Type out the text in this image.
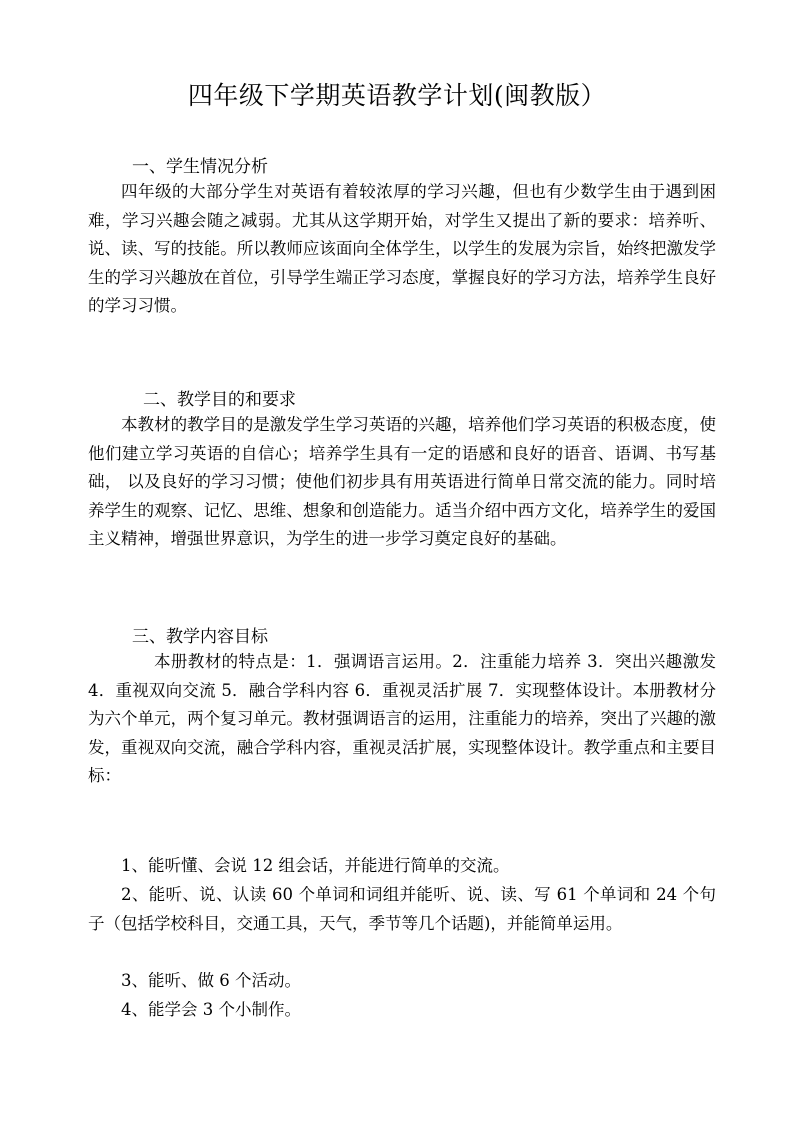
四年级下学期英语教学计划(闽教版）
一、学生情况分析
四年级的大部分学生对英语有着较浓厚的学习兴趣，但也有少数学生由于遇到困难，学习兴趣会随之减弱。尤其从这学期开始，对学生又提出了新的要求：培养听、说、读、写的技能。所以教师应该面向全体学生，以学生的发展为宗旨，始终把激发学生的学习兴趣放在首位，引导学生端正学习态度，掌握良好的学习方法，培养学生良好的学习习惯。
二、教学目的和要求
本教材的教学目的是激发学生学习英语的兴趣，培养他们学习英语的积极态度，使他们建立学习英语的自信心；培养学生具有一定的语感和良好的语音、语调、书写基础， 以及良好的学习习惯；使他们初步具有用英语进行简单日常交流的能力。同时培养学生的观察、记忆、思维、想象和创造能力。适当介绍中西方文化，培养学生的爱国主义精神，增强世界意识，为学生的进一步学习奠定良好的基础。
三、教学内容目标
本册教材的特点是：1．强调语言运用。2．注重能力培养 3．突出兴趣激发 4．重视双向交流 5．融合学科内容 6．重视灵活扩展 7．实现整体设计。本册教材分为六个单元，两个复习单元。教材强调语言的运用，注重能力的培养，突出了兴趣的激发，重视双向交流，融合学科内容，重视灵活扩展，实现整体设计。教学重点和主要目标：
1、能听懂、会说 12 组会话，并能进行简单的交流。
2、能听、说、认读 60 个单词和词组并能听、说、读、写 61 个单词和 24 个句子（包括学校科目，交通工具，天气，季节等几个话题)，并能简单运用。
3、能听、做 6 个活动。
4、能学会 3 个小制作。
